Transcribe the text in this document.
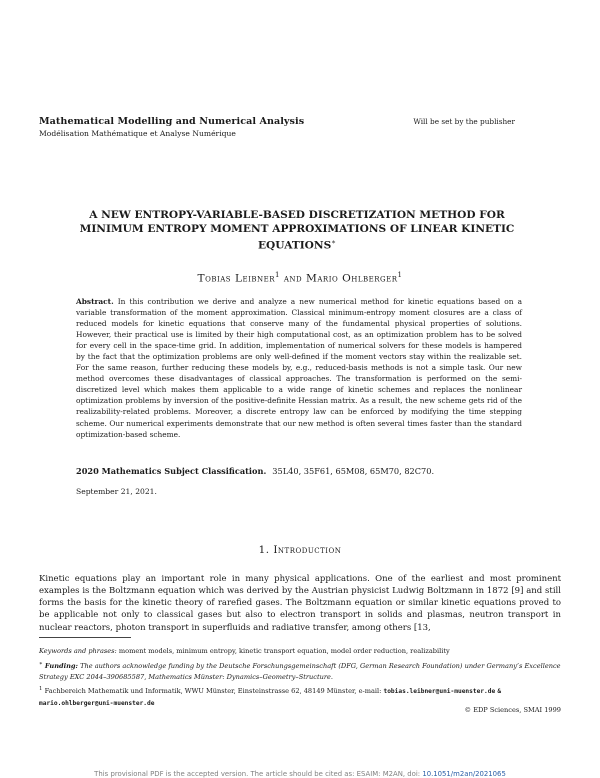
Mathematical Modelling and Numerical Analysis
Modélisation Mathématique et Analyse Numérique
Will be set by the publisher
A NEW ENTROPY-VARIABLE-BASED DISCRETIZATION METHOD FOR MINIMUM ENTROPY MOMENT APPROXIMATIONS OF LINEAR KINETIC EQUATIONS∗
Tobias Leibner$^1$ and Mario Ohlberger$^1$
Abstract. In this contribution we derive and analyze a new numerical method for kinetic equations based on a variable transformation of the moment approximation. Classical minimum-entropy moment closures are a class of reduced models for kinetic equations that conserve many of the fundamental physical properties of solutions. However, their practical use is limited by their high computational cost, as an optimization problem has to be solved for every cell in the space-time grid. In addition, implementation of numerical solvers for these models is hampered by the fact that the optimization problems are only well-defined if the moment vectors stay within the realizable set. For the same reason, further reducing these models by, e.g., reduced-basis methods is not a simple task. Our new method overcomes these disadvantages of classical approaches. The transformation is performed on the semi-discretized level which makes them applicable to a wide range of kinetic schemes and replaces the nonlinear optimization problems by inversion of the positive-definite Hessian matrix. As a result, the new scheme gets rid of the realizability-related problems. Moreover, a discrete entropy law can be enforced by modifying the time stepping scheme. Our numerical experiments demonstrate that our new method is often several times faster than the standard optimization-based scheme.
2020 Mathematics Subject Classification. 35L40, 35F61, 65M08, 65M70, 82C70.
September 21, 2021.
1. Introduction
Kinetic equations play an important role in many physical applications. One of the earliest and most prominent examples is the Boltzmann equation which was derived by the Austrian physicist Ludwig Boltzmann in 1872 [9] and still forms the basis for the kinetic theory of rarefied gases. The Boltzmann equation or similar kinetic equations proved to be applicable not only to classical gases but also to electron transport in solids and plasmas, neutron transport in nuclear reactors, photon transport in superfluids and radiative transfer, among others [13,

Keywords and phrases: moment models, minimum entropy, kinetic transport equation, model order reduction, realizability

∗ Funding: The authors acknowledge funding by the Deutsche Forschungsgemeinschaft (DFG, German Research Foundation) under Germany’s Excellence Strategy EXC 2044–390685587, Mathematics Münster: Dynamics–Geometry–Structure.

$^1$ Fachbereich Mathematik und Informatik, WWU Münster, Einsteinstrasse 62, 48149 Münster, e-mail: tobias.leibner@uni-muenster.de & mario.ohlberger@uni-muenster.de

© EDP Sciences, SMAI 1999
This provisional PDF is the accepted version. The article should be cited as: ESAIM: M2AN, doi: 10.1051/m2an/2021065
